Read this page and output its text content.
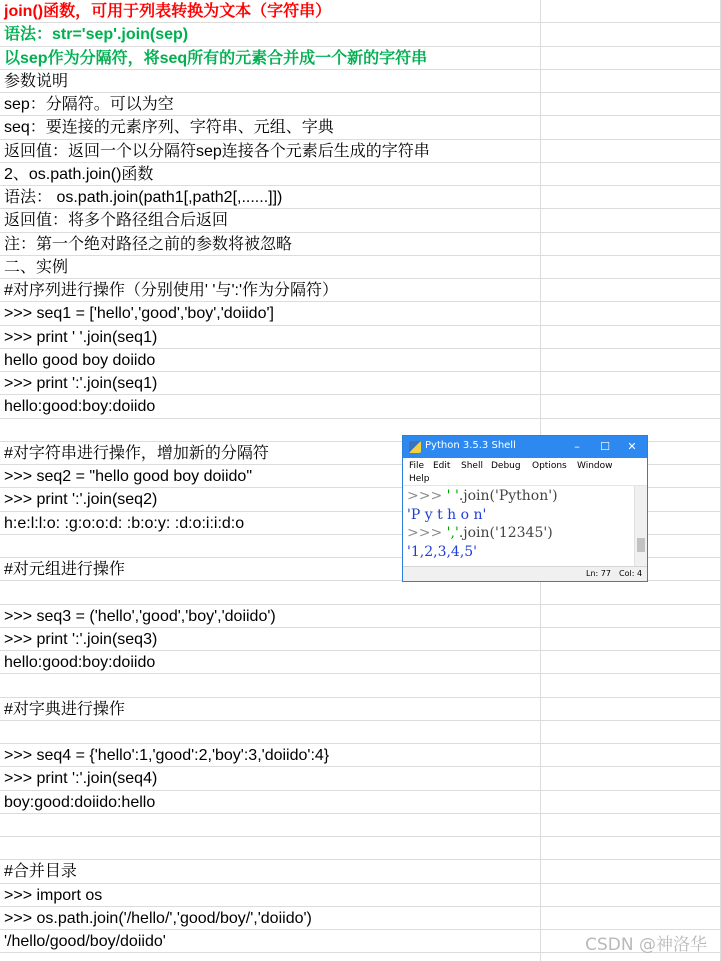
join()函数，可用于列表转换为文本（字符串）
语法：str='sep'.join(sep)
以sep作为分隔符，将seq所有的元素合并成一个新的字符串
参数说明
sep：分隔符。可以为空
seq：要连接的元素序列、字符串、元组、字典
返回值：返回一个以分隔符sep连接各个元素后生成的字符串
2、os.path.join()函数
语法： os.path.join(path1[,path2[,......]])
返回值：将多个路径组合后返回
注：第一个绝对路径之前的参数将被忽略
二、实例
#对序列进行操作（分别使用' '与':'作为分隔符）
>>> seq1 = ['hello','good','boy','doiido']
>>> print ' '.join(seq1)
hello good boy doiido
>>> print ':'.join(seq1)
hello:good:boy:doiido
#对字符串进行操作，增加新的分隔符
>>> seq2 = "hello good boy doiido"
>>> print ':'.join(seq2)
h:e:l:l:o: :g:o:o:d: :b:o:y: :d:o:i:i:d:o
#对元组进行操作
>>> seq3 = ('hello','good','boy','doiido')
>>> print ':'.join(seq3)
hello:good:boy:doiido
#对字典进行操作
>>> seq4 = {'hello':1,'good':2,'boy':3,'doiido':4}
>>> print ':'.join(seq4)
boy:good:doiido:hello
#合并目录
>>> import os
>>> os.path.join('/hello/','good/boy/','doiido')
'/hello/good/boy/doiido'
Python 3.5.3 Shell	–	☐	✕
File Edit Shell Debug Options Window
Help
>>> ' '.join('Python')
'P y t h o n'
>>> ','.join('12345')
'1,2,3,4,5'
Ln: 77 Col: 4
CSDN @神洛华
